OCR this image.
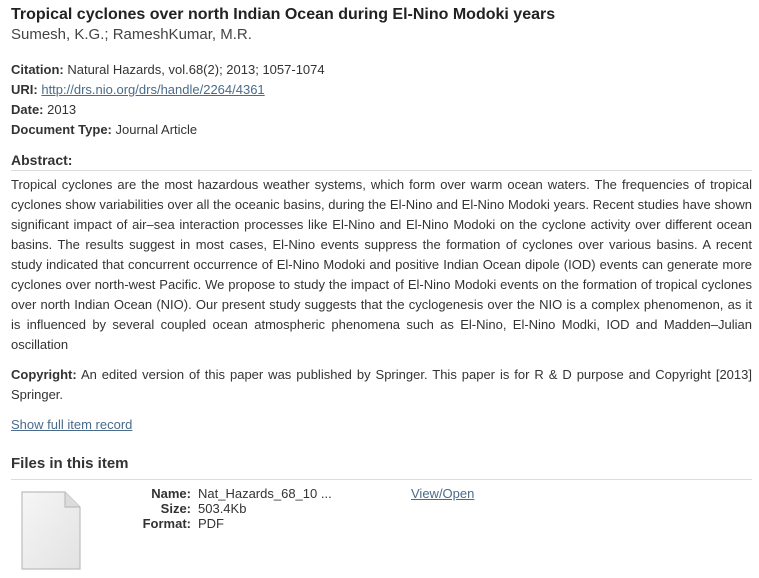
Tropical cyclones over north Indian Ocean during El-Nino Modoki years
Sumesh, K.G.; RameshKumar, M.R.
Citation: Natural Hazards, vol.68(2); 2013; 1057-1074
URI: http://drs.nio.org/drs/handle/2264/4361
Date: 2013
Document Type: Journal Article
Abstract:
Tropical cyclones are the most hazardous weather systems, which form over warm ocean waters. The frequencies of tropical cyclones show variabilities over all the oceanic basins, during the El-Nino and El-Nino Modoki years. Recent studies have shown significant impact of air–sea interaction processes like El-Nino and El-Nino Modoki on the cyclone activity over different ocean basins. The results suggest in most cases, El-Nino events suppress the formation of cyclones over various basins. A recent study indicated that concurrent occurrence of El-Nino Modoki and positive Indian Ocean dipole (IOD) events can generate more cyclones over north-west Pacific. We propose to study the impact of El-Nino Modoki events on the formation of tropical cyclones over north Indian Ocean (NIO). Our present study suggests that the cyclogenesis over the NIO is a complex phenomenon, as it is influenced by several coupled ocean atmospheric phenomena such as El-Nino, El-Nino Modki, IOD and Madden–Julian oscillation
Copyright: An edited version of this paper was published by Springer. This paper is for R & D purpose and Copyright [2013] Springer.
Show full item record
Files in this item
Name: Nat_Hazards_68_10 ...
Size: 503.4Kb
Format: PDF
View/Open
